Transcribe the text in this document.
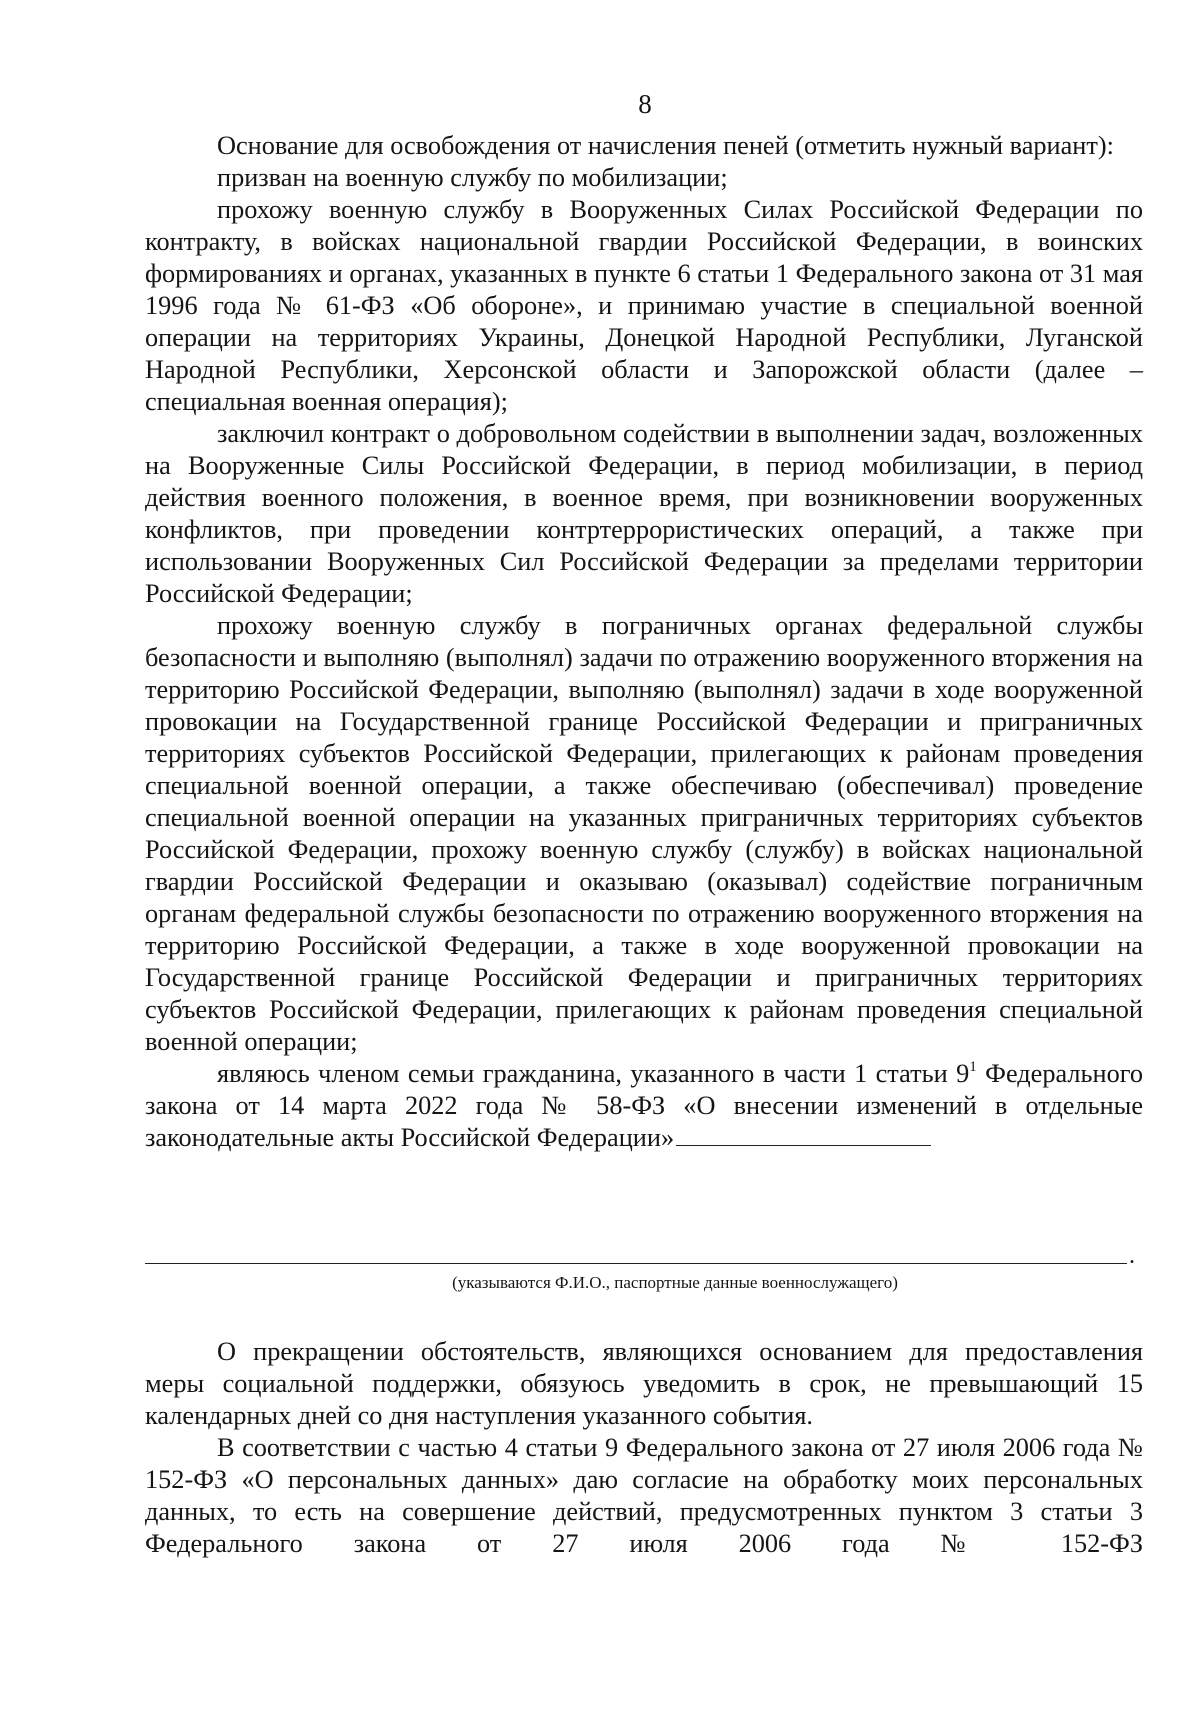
8

Основание для освобождения от начисления пеней (отметить нужный вариант):

призван на военную службу по мобилизации;

прохожу военную службу в Вооруженных Силах Российской Федерации по контракту, в войсках национальной гвардии Российской Федерации, в воинских формированиях и органах, указанных в пункте 6 статьи 1 Федерального закона от 31 мая 1996 года № 61-ФЗ «Об обороне», и принимаю участие в специальной военной операции на территориях Украины, Донецкой Народной Республики, Луганской Народной Республики, Херсонской области и Запорожской области (далее – специальная военная операция);

заключил контракт о добровольном содействии в выполнении задач, возложенных на Вооруженные Силы Российской Федерации, в период мобилизации, в период действия военного положения, в военное время, при возникновении вооруженных конфликтов, при проведении контртеррористических операций, а также при использовании Вооруженных Сил Российской Федерации за пределами территории Российской Федерации;

прохожу военную службу в пограничных органах федеральной службы безопасности и выполняю (выполнял) задачи по отражению вооруженного вторжения на территорию Российской Федерации, выполняю (выполнял) задачи в ходе вооруженной провокации на Государственной границе Российской Федерации и приграничных территориях субъектов Российской Федерации, прилегающих к районам проведения специальной военной операции, а также обеспечиваю (обеспечивал) проведение специальной военной операции на указанных приграничных территориях субъектов Российской Федерации, прохожу военную службу (службу) в войсках национальной гвардии Российской Федерации и оказываю (оказывал) содействие пограничным органам федеральной службы безопасности по отражению вооруженного вторжения на территорию Российской Федерации, а также в ходе вооруженной провокации на Государственной границе Российской Федерации и приграничных территориях субъектов Российской Федерации, прилегающих к районам проведения специальной военной операции;

являюсь членом семьи гражданина, указанного в части 1 статьи $9^1$ Федерального закона от 14 марта 2022 года № 58-ФЗ «О внесении изменений в отдельные законодательные акты Российской Федерации»

.
(указываются Ф.И.О., паспортные данные военнослужащего)

О прекращении обстоятельств, являющихся основанием для предоставления меры социальной поддержки, обязуюсь уведомить в срок, не превышающий 15 календарных дней со дня наступления указанного события.

В соответствии с частью 4 статьи 9 Федерального закона от 27 июля 2006 года № 152-ФЗ «О персональных данных» даю согласие на обработку моих персональных данных, то есть на совершение действий, предусмотренных пунктом 3 статьи 3 Федерального закона от 27 июля 2006 года № 152-ФЗ
